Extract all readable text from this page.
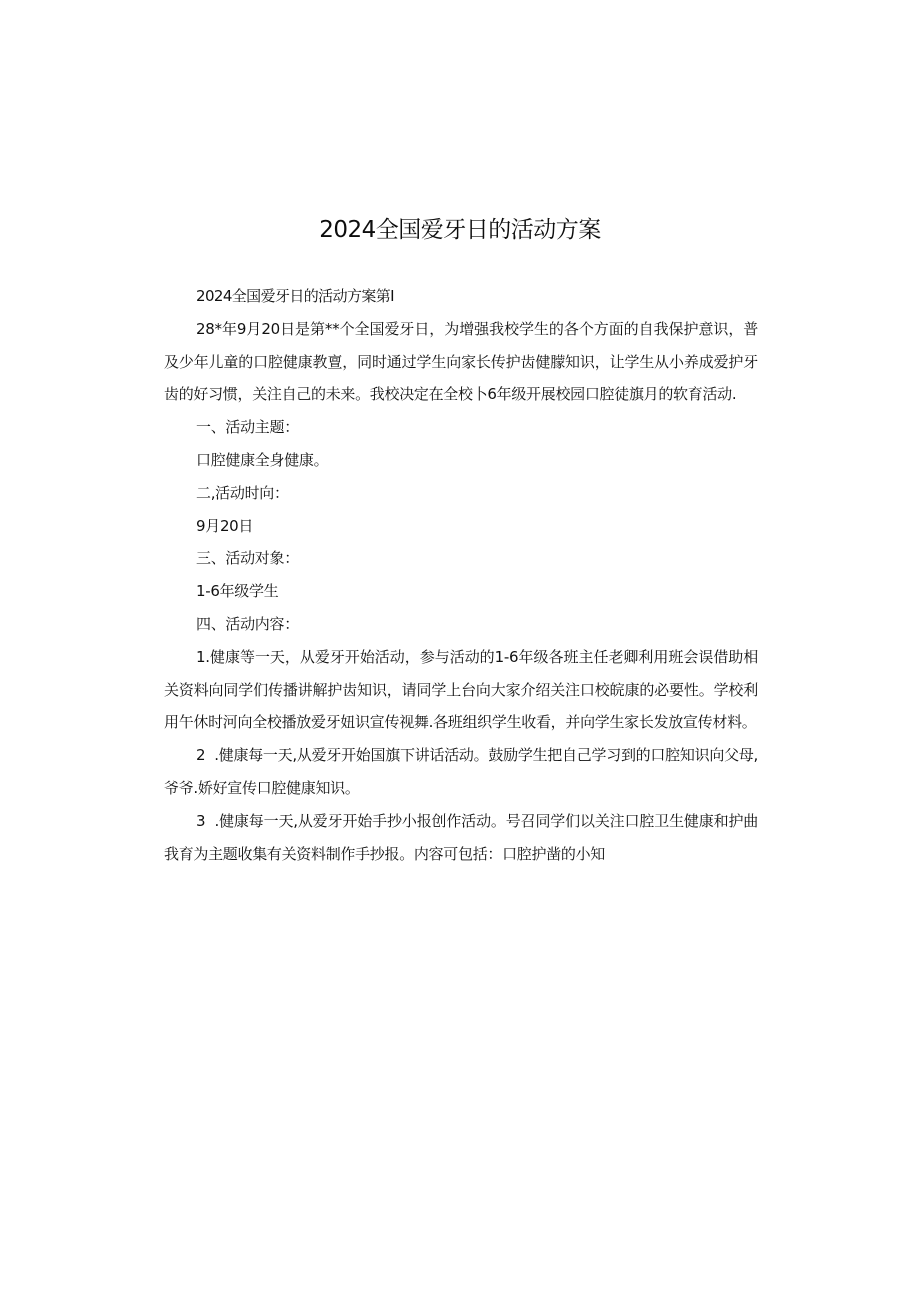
2024全国爱牙日的活动方案

2024全国爱牙日的活动方案第I

28*年9月20日是第**个全国爱牙日，为增强我校学生的各个方面的自我保护意识，普及少年儿童的口腔健康教亶，同时通过学生向家长传护齿健朦知识，让学生从小养成爱护牙齿的好习惯，关注自己的未来。我校决定在全校卜6年级开展校园口腔徒旗月的软育活动.

一、活动主题：

口腔健康全身健康。

二,活动时向：

9月20日

三、活动对象：

1-6年级学生

四、活动内容：

1.健康等一天，从爱牙开始活动，参与活动的1-6年级各班主任老卿利用班会误借助相关资料向同学们传播讲解护齿知识，请同学上台向大家介绍关注口校皖康的必要性。学校利用午休时河向全校播放爱牙妞识宣传视舞.各班组织学生收看，并向学生家长发放宣传材料。

2  .健康每一天,从爱牙开始国旗下讲话活动。鼓励学生把自己学习到的口腔知识向父母,爷爷.娇好宣传口腔健康知识。

3  .健康每一天,从爱牙开始手抄小报创作活动。号召同学们以关注口腔卫生健康和护曲我育为主题收集有关资料制作手抄报。内容可包括：口腔护凿的小知
